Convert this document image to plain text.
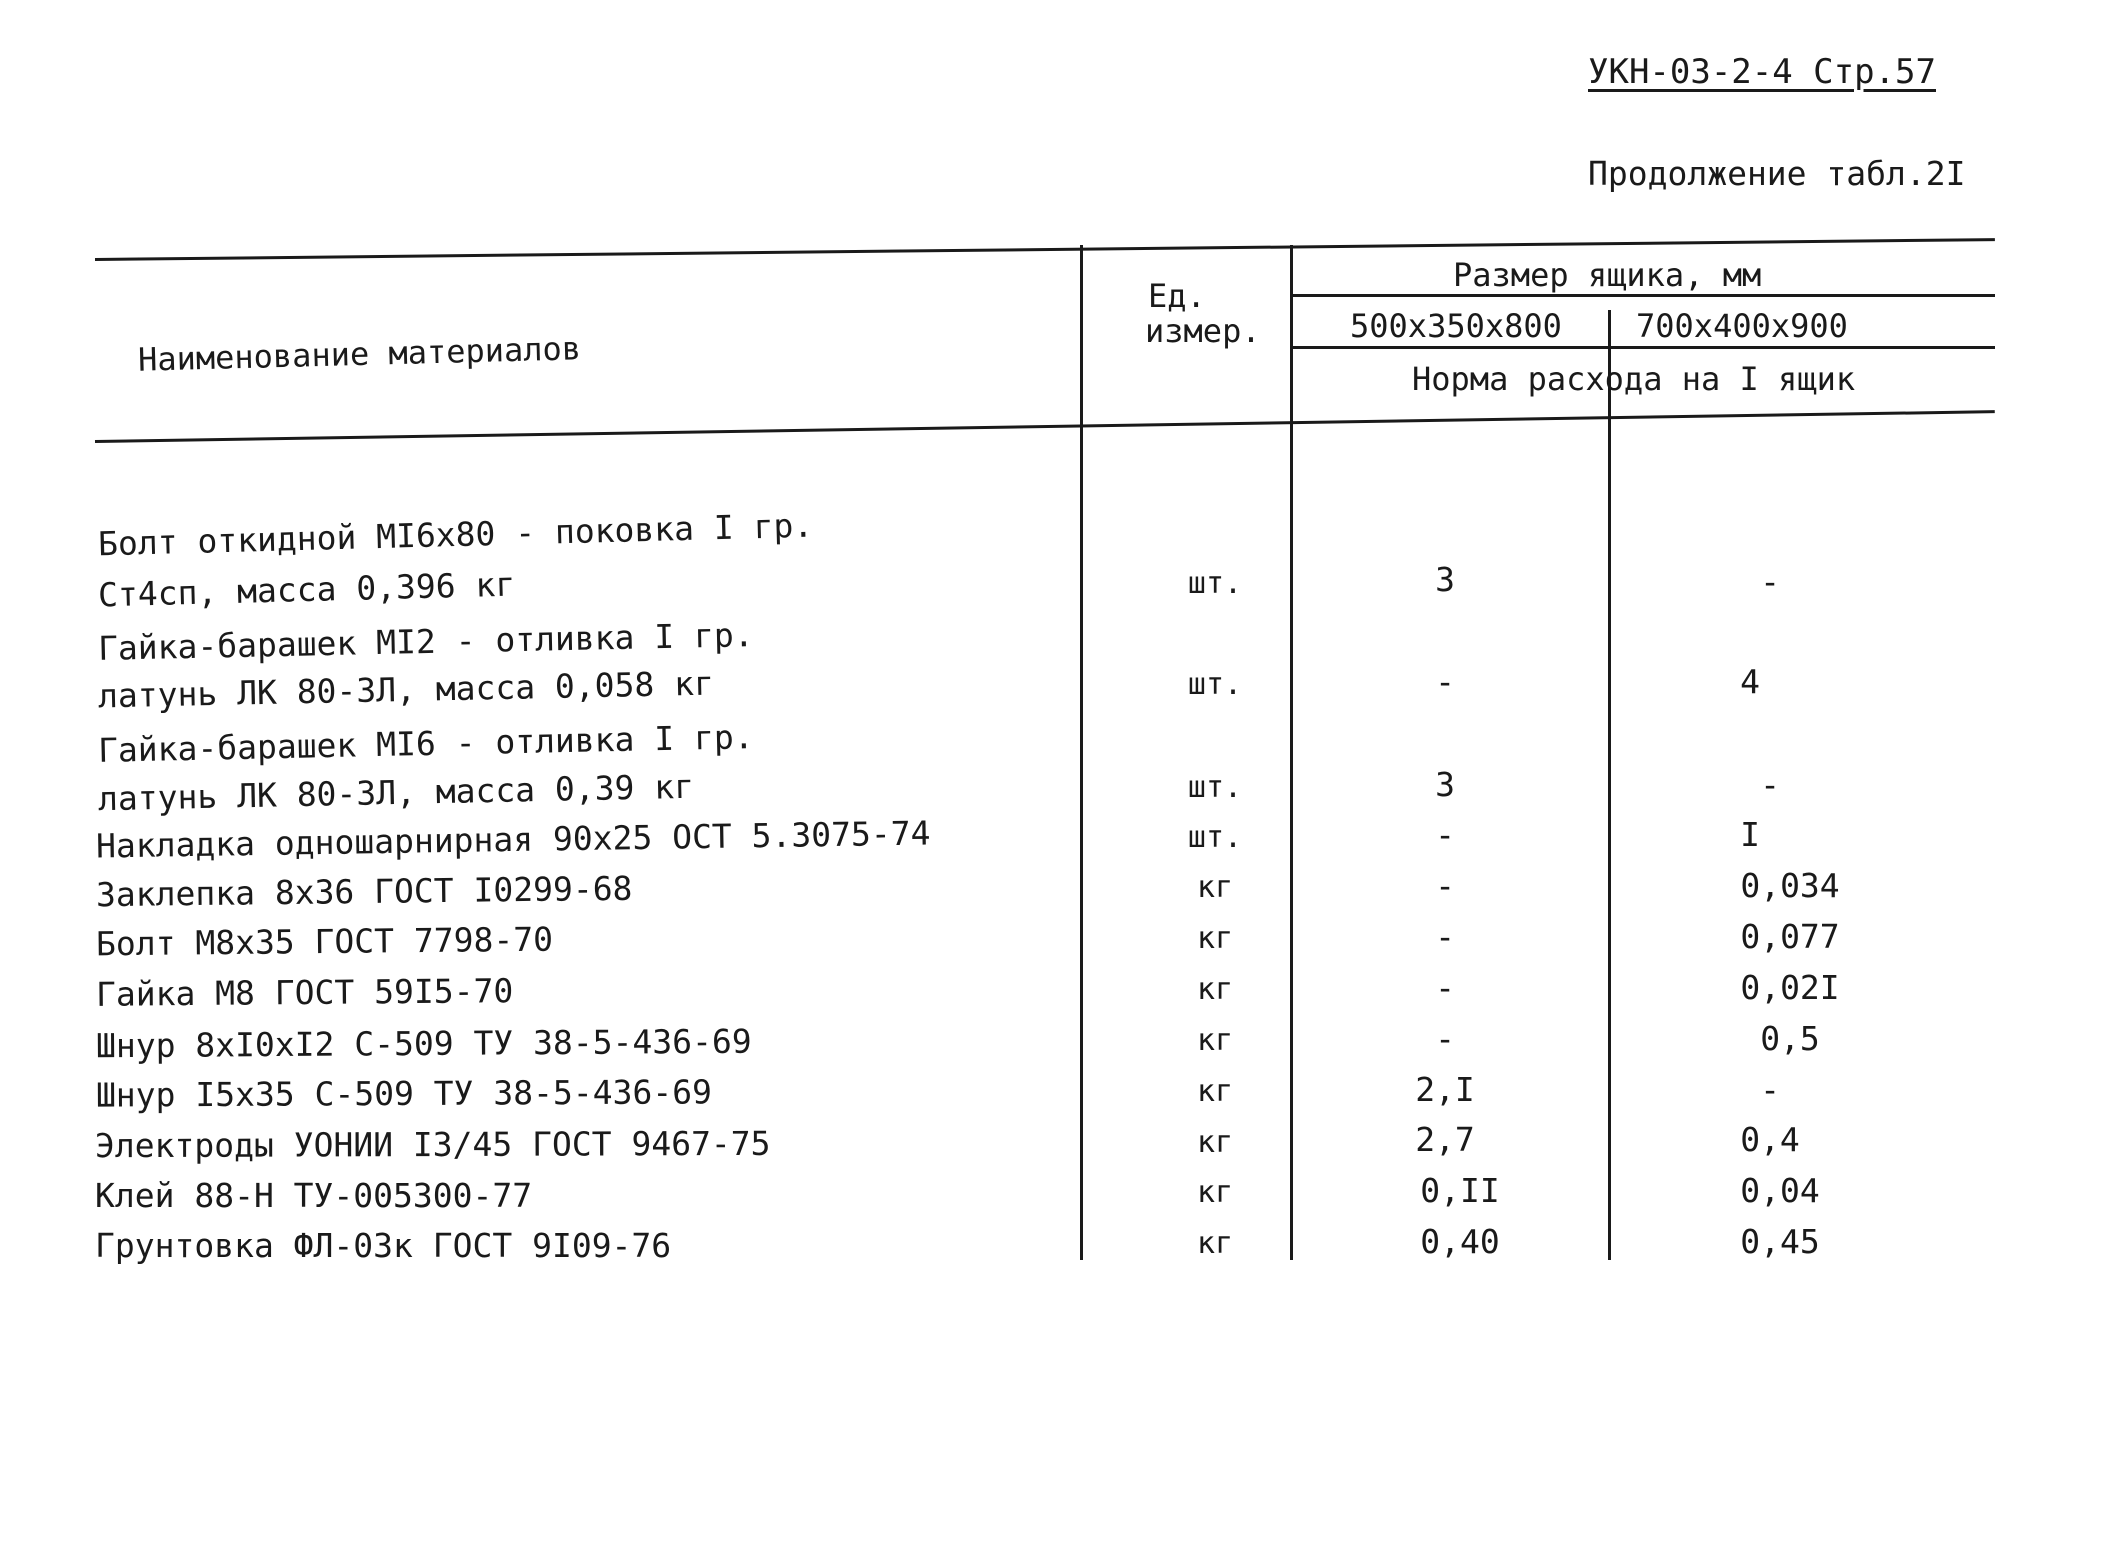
УКН-03-2-4 Стр.57
Продолжение табл.2I
Наименование материалов
Ед.
измер.
Размер ящика, мм
500х350х800 700х400х900
Норма расхода на I ящик
Болт откидной МI6х80 - поковка I гр.
Ст4сп, масса 0,396 кг	шт.	3	-
Гайка-барашек МI2 - отливка I гр.
латунь ЛК 80-3Л, масса 0,058 кг	шт.	-	4
Гайка-барашек МI6 - отливка I гр.
латунь ЛК 80-3Л, масса 0,39 кг	шт.	3	-
Накладка одношарнирная 90х25 ОСТ 5.3075-74	шт.	-	I
Заклепка 8х36 ГОСТ I0299-68	кг	-	0,034
Болт М8х35 ГОСТ 7798-70	кг	-	0,077
Гайка М8 ГОСТ 59I5-70	кг	-	0,02I
Шнур 8хI0хI2 С-509 ТУ 38-5-436-69	кг	-	0,5
Шнур I5х35 С-509 ТУ 38-5-436-69	кг	2,I	-
Электроды УОНИИ I3/45 ГОСТ 9467-75	кг	2,7	0,4
Клей 88-Н ТУ-005300-77	кг	0,II	0,04
Грунтовка ФЛ-03к ГОСТ 9I09-76	кг	0,40	0,45
